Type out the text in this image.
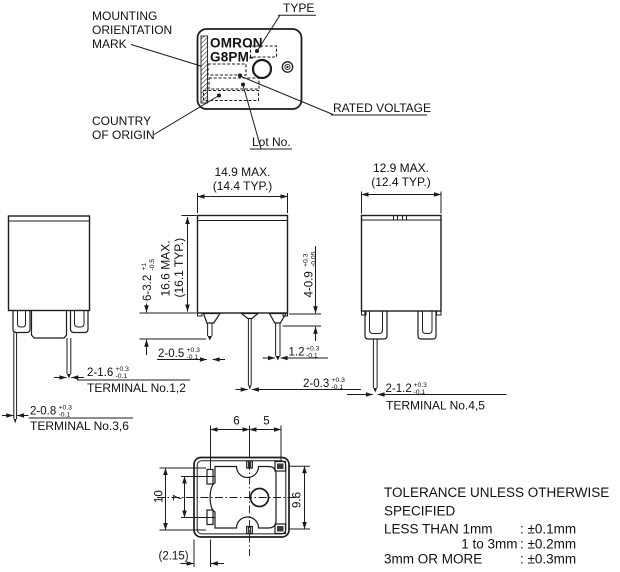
MOUNTING
ORIENTATION
MARK
TYPE
OMRON
G8PM-
RATED VOLTAGE
COUNTRY
OF ORIGIN	Lot No.
2-1.6 +0.3
-0.1
TERMINAL No.1,2
2-0.8 +0.3
-0.1
TERMINAL No.3,6
14.9 MAX.
(14.4 TYP.)
16.6 MAX. (16.1 TYP.)
6-3.2
+1 -0.5
4-0.9
+0.3 -0.05
2-0.5 +0.3
-0.1	1.2 +0.3
-0.1
2-0.3 +0.3
-0.1
12.9 MAX.
(12.4 TYP.)
2-1.2 +0.3
-0.1
TERMINAL No.4,5
6 5
10 7	9.6
(2.15)
TOLERANCE UNLESS OTHERWISE
SPECIFIED
LESS THAN 1mm : ±0.1mm
1 to 3mm : ±0.2mm
3mm OR MORE	: ±0.3mm
